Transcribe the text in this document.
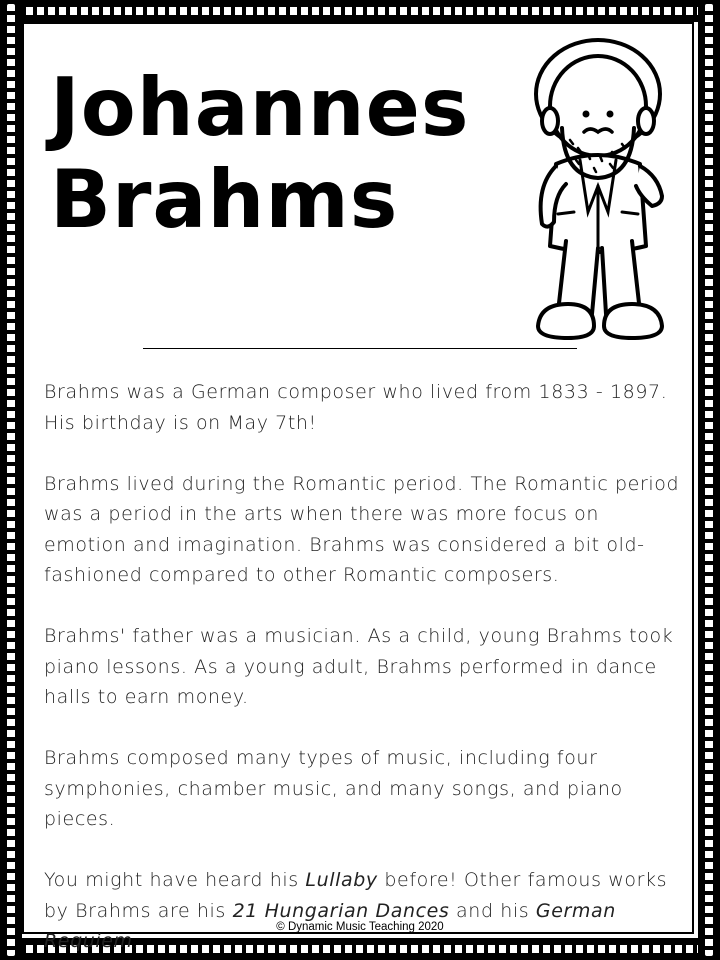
Johannes
Brahms

Brahms was a German composer who lived from 1833 - 1897. His birthday is on May 7th!

Brahms lived during the Romantic period. The Romantic period was a period in the arts when there was more focus on emotion and imagination. Brahms was considered a bit old-fashioned compared to other Romantic composers.

Brahms' father was a musician. As a child, young Brahms took piano lessons. As a young adult, Brahms performed in dance halls to earn money.

Brahms composed many types of music, including four symphonies, chamber music, and many songs, and piano pieces.

You might have heard his Lullaby before! Other famous works by Brahms are his 21 Hungarian Dances and his German Requiem.

© Dynamic Music Teaching 2020
